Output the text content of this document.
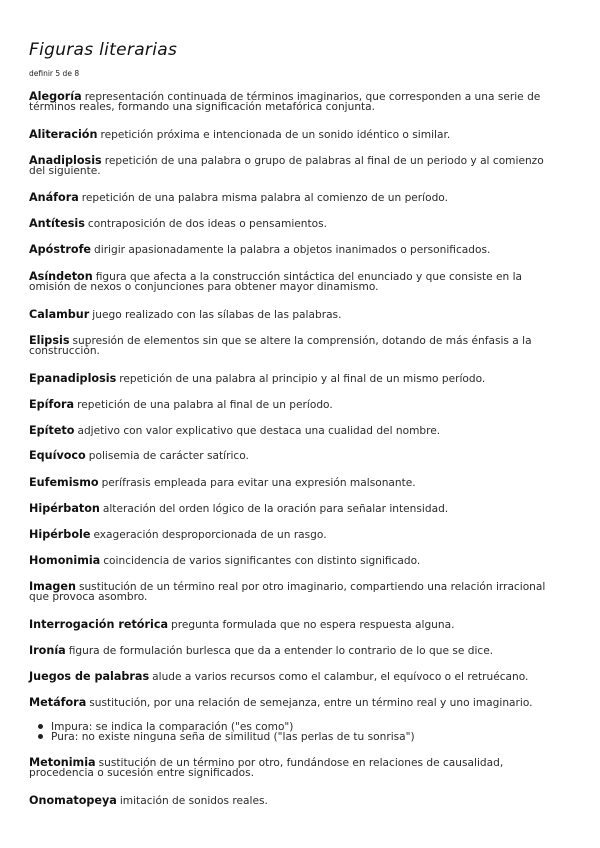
Figuras literarias
definir 5 de 8
Alegoría representación continuada de términos imaginarios, que corresponden a una serie de términos reales, formando una significación metafórica conjunta.
Aliteración repetición próxima e intencionada de un sonido idéntico o similar.
Anadiplosis repetición de una palabra o grupo de palabras al final de un periodo y al comienzo del siguiente.
Anáfora repetición de una palabra misma palabra al comienzo de un período.
Antítesis contraposición de dos ideas o pensamientos.
Apóstrofe dirigir apasionadamente la palabra a objetos inanimados o personificados.
Asíndeton figura que afecta a la construcción sintáctica del enunciado y que consiste en la omisión de nexos o conjunciones para obtener mayor dinamismo.
Calambur juego realizado con las sílabas de las palabras.
Elipsis supresión de elementos sin que se altere la comprensión, dotando de más énfasis a la construcción.
Epanadiplosis repetición de una palabra al principio y al final de un mismo período.
Epífora repetición de una palabra al final de un período.
Epíteto adjetivo con valor explicativo que destaca una cualidad del nombre.
Equívoco polisemia de carácter satírico.
Eufemismo perífrasis empleada para evitar una expresión malsonante.
Hipérbaton alteración del orden lógico de la oración para señalar intensidad.
Hipérbole exageración desproporcionada de un rasgo.
Homonimia coincidencia de varios significantes con distinto significado.
Imagen sustitución de un término real por otro imaginario, compartiendo una relación irracional que provoca asombro.
Interrogación retórica pregunta formulada que no espera respuesta alguna.
Ironía figura de formulación burlesca que da a entender lo contrario de lo que se dice.
Juegos de palabras alude a varios recursos como el calambur, el equívoco o el retruécano.
Metáfora sustitución, por una relación de semejanza, entre un término real y uno imaginario.
Metonimia sustitución de un término por otro, fundándose en relaciones de causalidad, procedencia o sucesión entre significados.
Onomatopeya imitación de sonidos reales.
Impura: se indica la comparación ("es como")
Pura: no existe ninguna seña de similitud ("las perlas de tu sonrisa")
